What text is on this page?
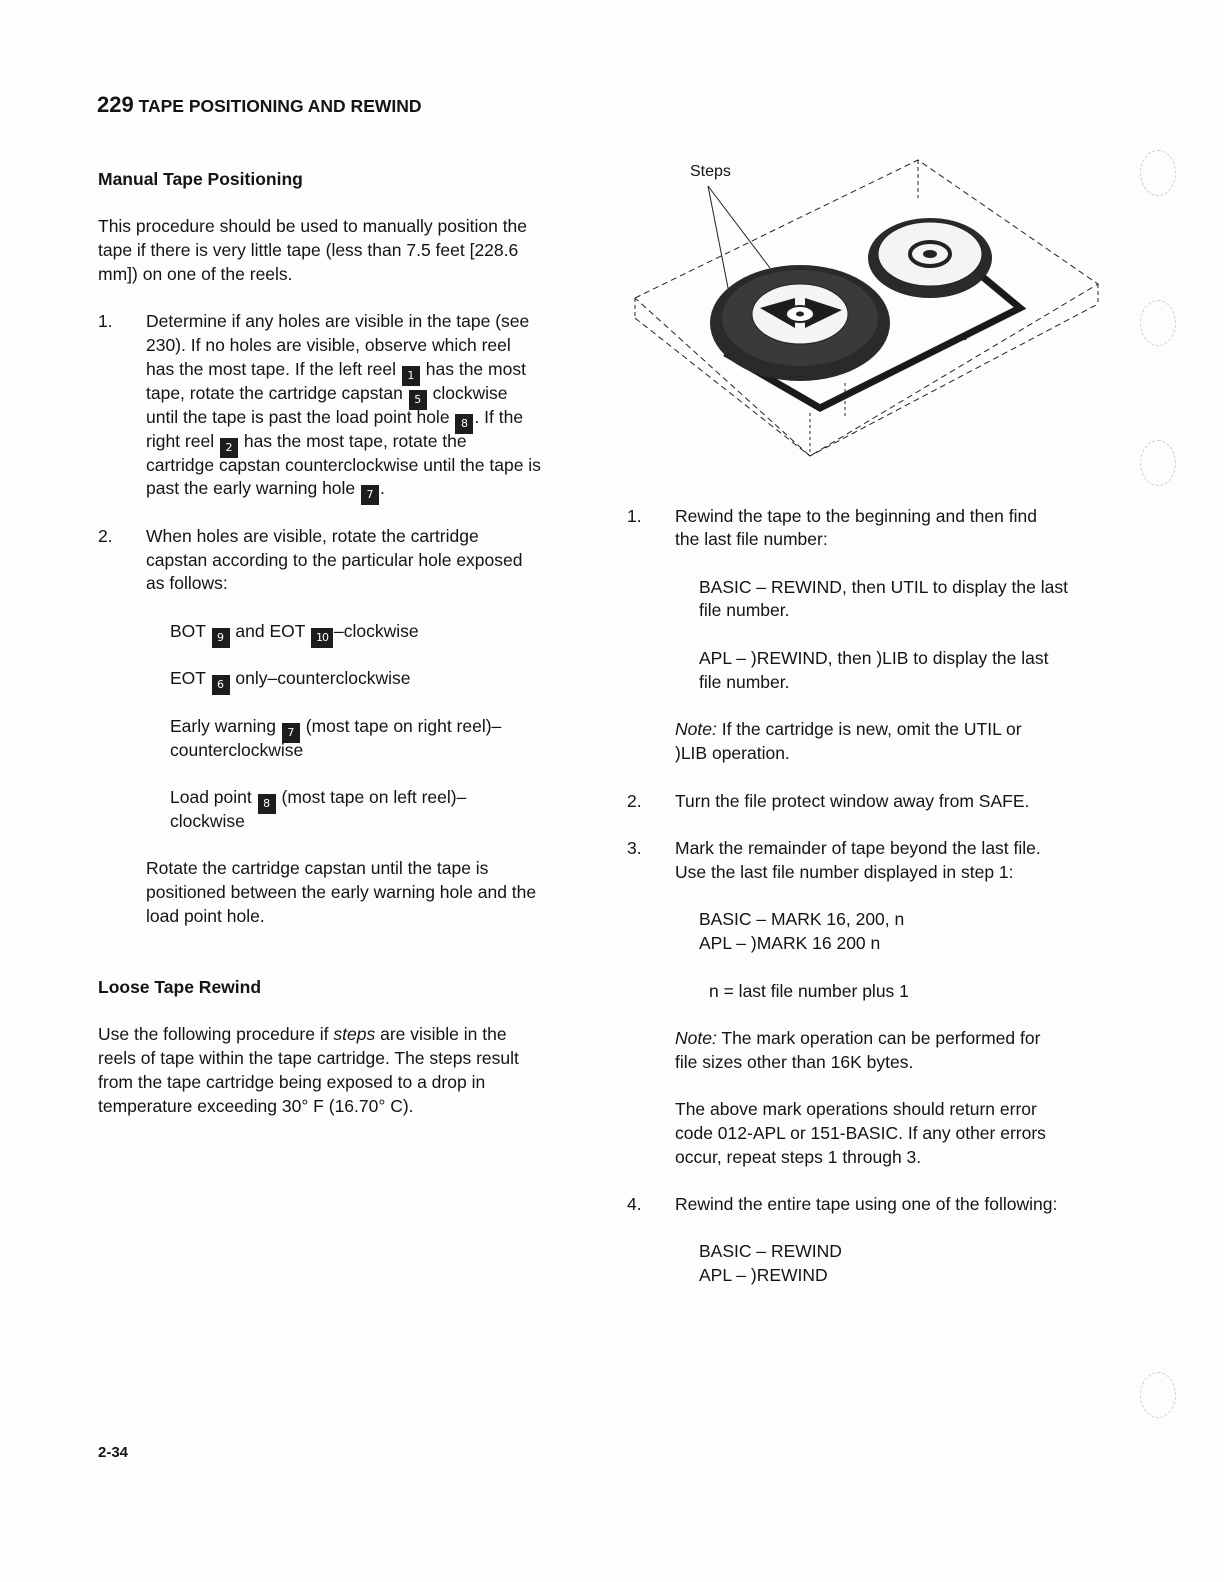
229 TAPE POSITIONING AND REWIND
Manual Tape Positioning
This procedure should be used to manually position the
tape if there is very little tape (less than 7.5 feet [228.6
mm]) on one of the reels.
1. Determine if any holes are visible in the tape (see
230). If no holes are visible, observe which reel
has the most tape. If the left reel 1 has the most
tape, rotate the cartridge capstan 5 clockwise
until the tape is past the load point hole 8 . If the
right reel 2 has the most tape, rotate the
cartridge capstan counterclockwise until the tape is
past the early warning hole 7 .
2. When holes are visible, rotate the cartridge
capstan according to the particular hole exposed
as follows:
BOT 9 and EOT 10 –clockwise
EOT 6 only–counterclockwise
Early warning 7 (most tape on right reel)–
counterclockwise
Load point 8 (most tape on left reel)–
clockwise
Rotate the cartridge capstan until the tape is
positioned between the early warning hole and the
load point hole.
Loose Tape Rewind
Use the following procedure if steps are visible in the
reels of tape within the tape cartridge. The steps result
from the tape cartridge being exposed to a drop in
temperature exceeding 30° F (16.70° C).
Steps
1. Rewind the tape to the beginning and then find
the last file number:
BASIC – REWIND, then UTIL to display the last
file number.
APL – )REWIND, then )LIB to display the last
file number.
Note: If the cartridge is new, omit the UTIL or
)LIB operation.
2. Turn the file protect window away from SAFE.
3. Mark the remainder of tape beyond the last file.
Use the last file number displayed in step 1:
BASIC – MARK 16, 200, n
APL – )MARK 16 200 n
n = last file number plus 1
Note: The mark operation can be performed for
file sizes other than 16K bytes.
The above mark operations should return error
code 012-APL or 151-BASIC. If any other errors
occur, repeat steps 1 through 3.
4. Rewind the entire tape using one of the following:
BASIC – REWIND
APL – )REWIND
2-34
